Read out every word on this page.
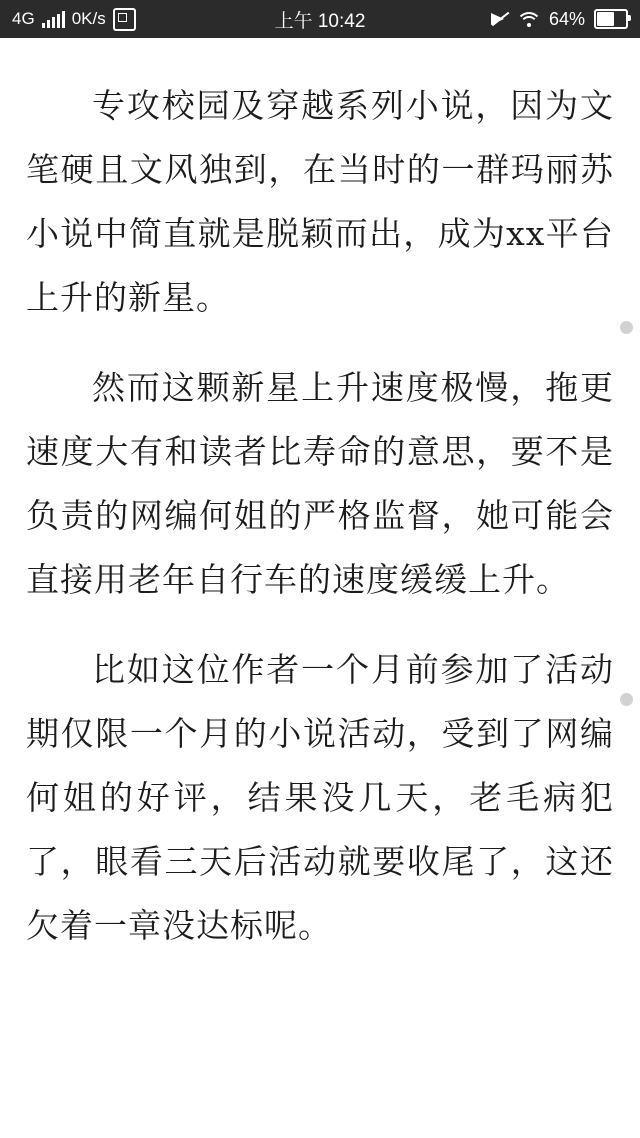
4G 0K/s	上午 10:42	64%

专攻校园及穿越系列小说，因为文笔硬且文风独到，在当时的一群玛丽苏小说中简直就是脱颖而出，成为xx平台上升的新星。

然而这颗新星上升速度极慢，拖更速度大有和读者比寿命的意思，要不是负责的网编何姐的严格监督，她可能会直接用老年自行车的速度缓缓上升。

比如这位作者一个月前参加了活动期仅限一个月的小说活动，受到了网编何姐的好评，结果没几天，老毛病犯了，眼看三天后活动就要收尾了，这还欠着一章没达标呢。
